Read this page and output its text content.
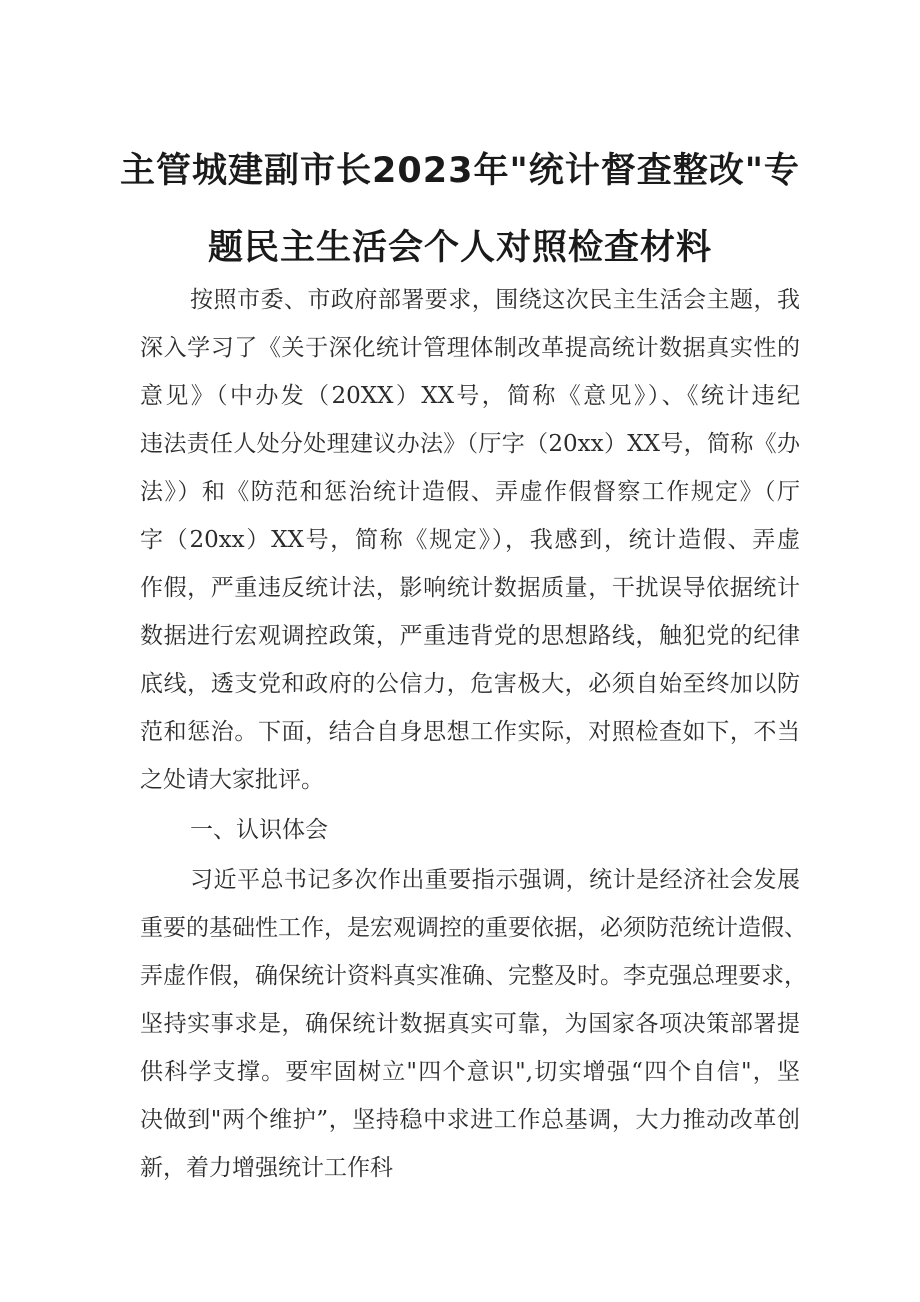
主管城建副市长2023年"统计督查整改"专
题民主生活会个人对照检查材料
按照市委、市政府部署要求，围绕这次民主生活会主题，我
深入学习了《关于深化统计管理体制改革提高统计数据真实性的
意见》（中办发（20XX）XX号，简称《意见》）、《统计违纪
违法责任人处分处理建议办法》（厅字（20xx）XX号，简称《办
法》）和《防范和惩治统计造假、弄虚作假督察工作规定》（厅
字（20xx）XX号，简称《规定》），我感到，统计造假、弄虚
作假，严重违反统计法，影响统计数据质量，干扰误导依据统计
数据进行宏观调控政策，严重违背党的思想路线，触犯党的纪律
底线，透支党和政府的公信力，危害极大，必须自始至终加以防
范和惩治。下面，结合自身思想工作实际，对照检查如下，不当
之处请大家批评。
一、认识体会
习近平总书记多次作出重要指示强调，统计是经济社会发展
重要的基础性工作，是宏观调控的重要依据，必须防范统计造假、
弄虚作假，确保统计资料真实准确、完整及时。李克强总理要求，
坚持实事求是，确保统计数据真实可靠，为国家各项决策部署提
供科学支撑。要牢固树立"四个意识",切实增强“四个自信"，坚
决做到"两个维护”，坚持稳中求进工作总基调，大力推动改革创
新，着力增强统计工作科
